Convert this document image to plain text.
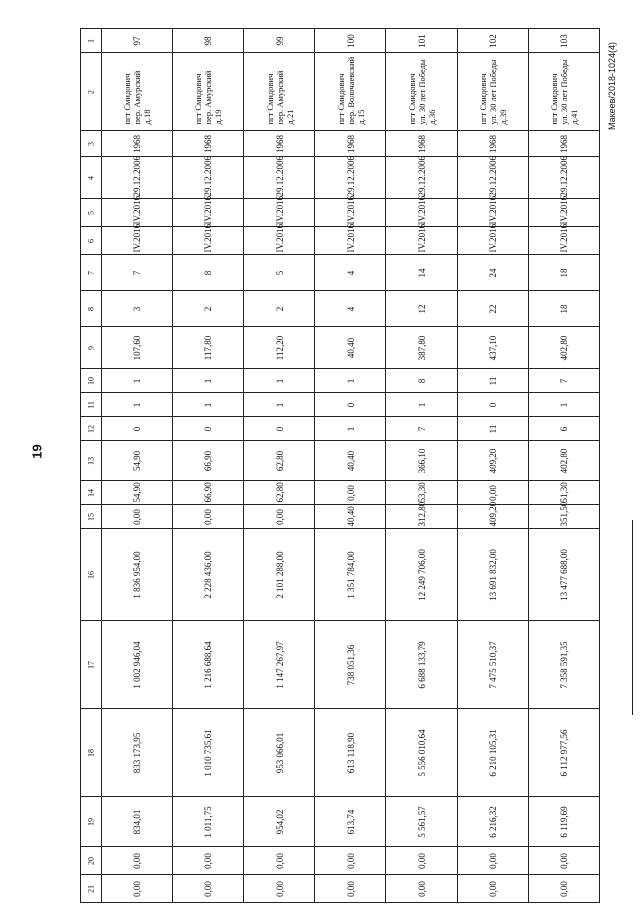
19
Макеев/2018-1024(4)
103	пгт Смидович ул. 30 лет Победы д.41	1968	29.12.2006	IV.2016	IV.2016	18	18	402,80	7	1	6	402,80	51,30	351,50	13 477 688,00	7 358 591,35	6 112 977,56	6 119,69	0,00	0,00
102	пгт Смидович ул. 30 лет Победы д.39	1968	29.12.2006	IV.2016	IV.2016	24	22	437,10	11	0	11	409,20	0,00	409,20	13 691 832,00	7 475 510,37	6 210 105,31	6 216,32	0,00	0,00
101	пгт Смидович ул. 30 лет Победы д.36	1968	29.12.2006	IV.2016	IV.2016	14	12	387,80	8	1	7	366,10	53,30	312,80	12 249 706,00	6 688 133,79	5 556 010,64	5 561,57	0,00	0,00
100	пгт Смидович пер. Волочаевский д.15	1968	29.12.2006	IV.2016	IV.2016	4	4	40,40	1	0	1	40,40	0,00	40,40	1 351 784,00	738 051,36	613 118,90	613,74	0,00	0,00
99	пгт Смидович пер. Амурский д.21	1968	29.12.2006	IV.2016	IV.2016	5	2	112,20	1	1	0	62,80	62,80	0,00	2 101 288,00	1 147 267,97	953 066,01	954,02	0,00	0,00
98	пгт Смидович пер. Амурский д.19	1968	29.12.2006	IV.2016	IV.2016	8	2	117,80	1	1	0	66,90	66,90	0,00	2 228 436,00	1 216 688,64	1 010 735,61	1 011,75	0,00	0,00
97	пгт Смидович пер. Амурский д.18	1968	29.12.2006	IV.2016	IV.2016	7	3	107,60	1	1	0	54,90	54,90	0,00	1 836 954,00	1 002 946,04	833 173,95	834,01	0,00	0,00
1	2	3	4	5	6	7	8	9	10	11	12	13	14	15	16	17	18	19	20	21
